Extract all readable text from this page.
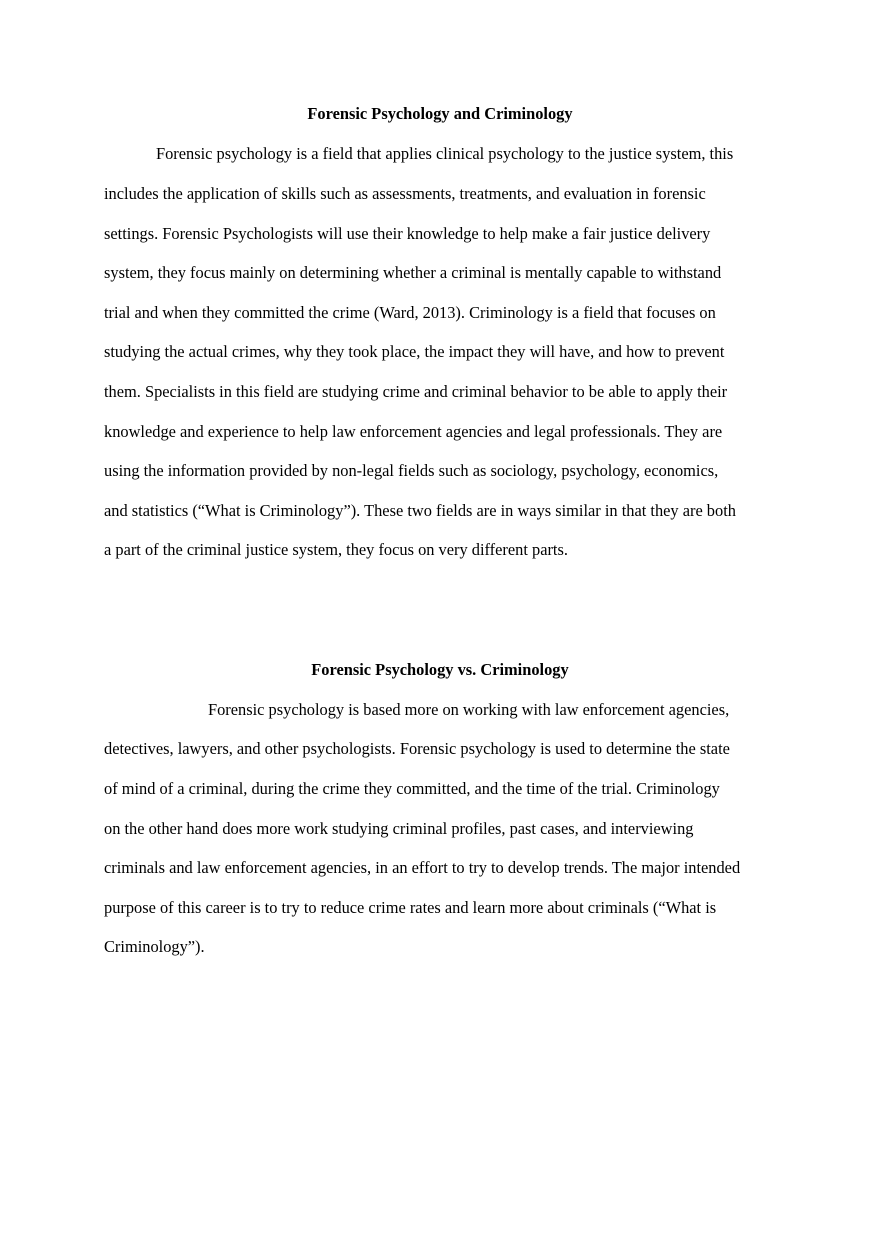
Forensic Psychology and Criminology

Forensic psychology is a field that applies clinical psychology to the justice system, this

includes the application of skills such as assessments, treatments, and evaluation in forensic

settings. Forensic Psychologists will use their knowledge to help make a fair justice delivery

system, they focus mainly on determining whether a criminal is mentally capable to withstand

trial and when they committed the crime (Ward, 2013). Criminology is a field that focuses on

studying the actual crimes, why they took place, the impact they will have, and how to prevent

them. Specialists in this field are studying crime and criminal behavior to be able to apply their

knowledge and experience to help law enforcement agencies and legal professionals. They are

using the information provided by non-legal fields such as sociology, psychology, economics,

and statistics (“What is Criminology”). These two fields are in ways similar in that they are both

a part of the criminal justice system, they focus on very different parts.

Forensic Psychology vs. Criminology

Forensic psychology is based more on working with law enforcement agencies,

detectives, lawyers, and other psychologists. Forensic psychology is used to determine the state

of mind of a criminal, during the crime they committed, and the time of the trial. Criminology

on the other hand does more work studying criminal profiles, past cases, and interviewing

criminals and law enforcement agencies, in an effort to try to develop trends. The major intended

purpose of this career is to try to reduce crime rates and learn more about criminals (“What is

Criminology”).
